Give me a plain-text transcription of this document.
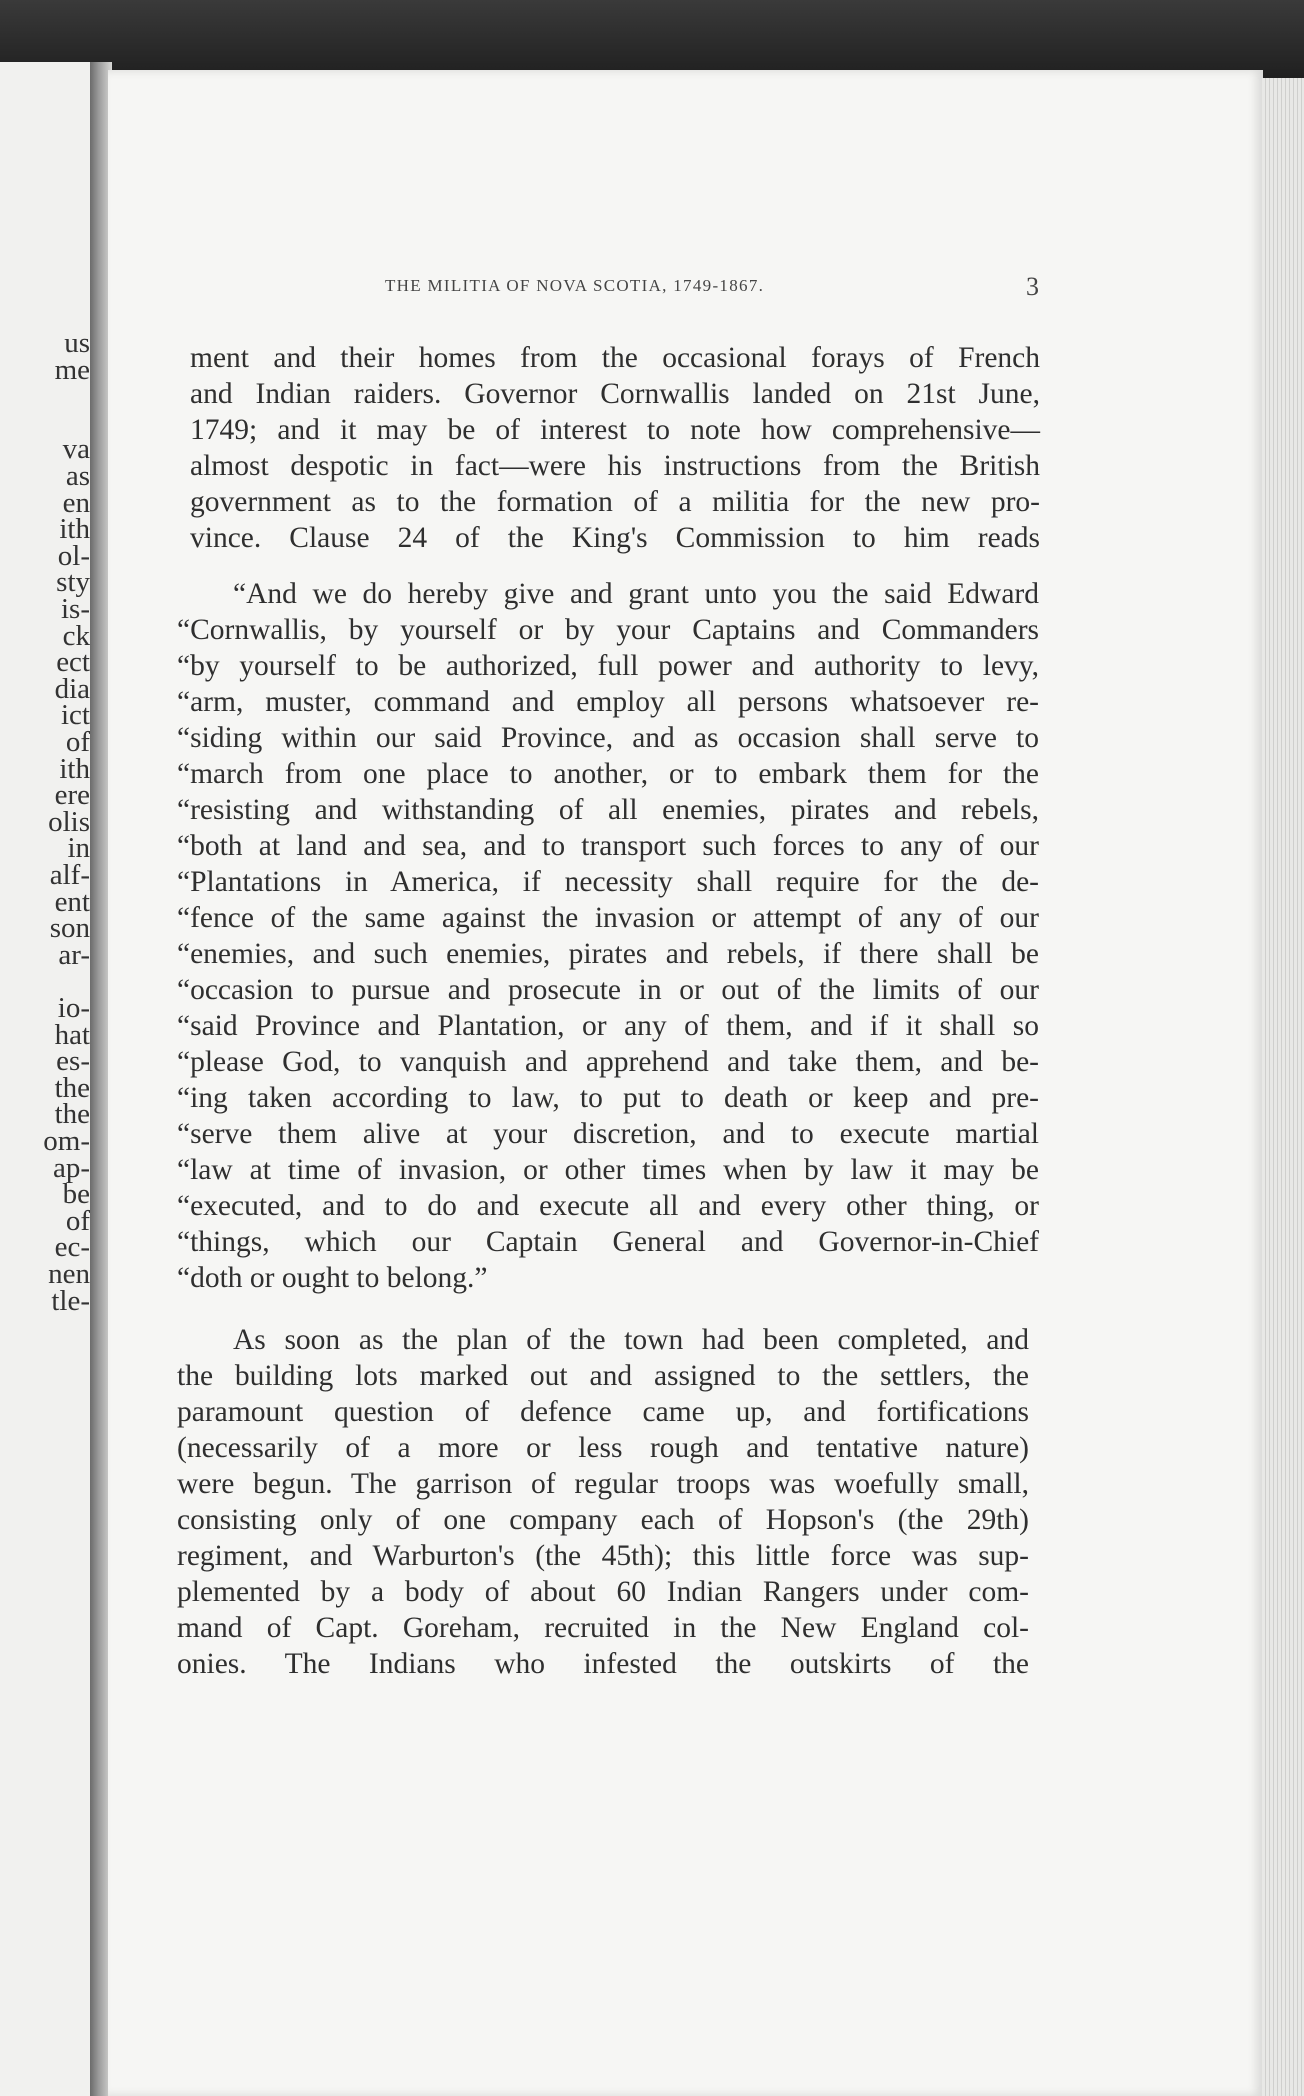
us
me
va
as
en
ith
ol-
sty
is-
ck
ect
dia
ict
of
ith
ere
olis
in
alf-
ent
son
ar-
io-
hat
es-
the
the
om-
ap-
be
of
ec-
nen
tle-
THE MILITIA OF NOVA SCOTIA, 1749-1867.	3
ment and their homes from the occasional forays of French
and Indian raiders. Governor Cornwallis landed on 21st June,
1749; and it may be of interest to note how comprehensive—
almost despotic in fact—were his instructions from the British
government as to the formation of a militia for the new pro-
vince. Clause 24 of the King's Commission to him reads
“And we do hereby give and grant unto you the said Edward
“Cornwallis, by yourself or by your Captains and Commanders
“by yourself to be authorized, full power and authority to levy,
“arm, muster, command and employ all persons whatsoever re-
“siding within our said Province, and as occasion shall serve to
“march from one place to another, or to embark them for the
“resisting and withstanding of all enemies, pirates and rebels,
“both at land and sea, and to transport such forces to any of our
“Plantations in America, if necessity shall require for the de-
“fence of the same against the invasion or attempt of any of our
“enemies, and such enemies, pirates and rebels, if there shall be
“occasion to pursue and prosecute in or out of the limits of our
“said Province and Plantation, or any of them, and if it shall so
“please God, to vanquish and apprehend and take them, and be-
“ing taken according to law, to put to death or keep and pre-
“serve them alive at your discretion, and to execute martial
“law at time of invasion, or other times when by law it may be
“executed, and to do and execute all and every other thing, or
“things, which our Captain General and Governor-in-Chief
“doth or ought to belong.”
As soon as the plan of the town had been completed, and
the building lots marked out and assigned to the settlers, the
paramount question of defence came up, and fortifications
(necessarily of a more or less rough and tentative nature)
were begun. The garrison of regular troops was woefully small,
consisting only of one company each of Hopson's (the 29th)
regiment, and Warburton's (the 45th); this little force was sup-
plemented by a body of about 60 Indian Rangers under com-
mand of Capt. Goreham, recruited in the New England col-
onies. The Indians who infested the outskirts of the
